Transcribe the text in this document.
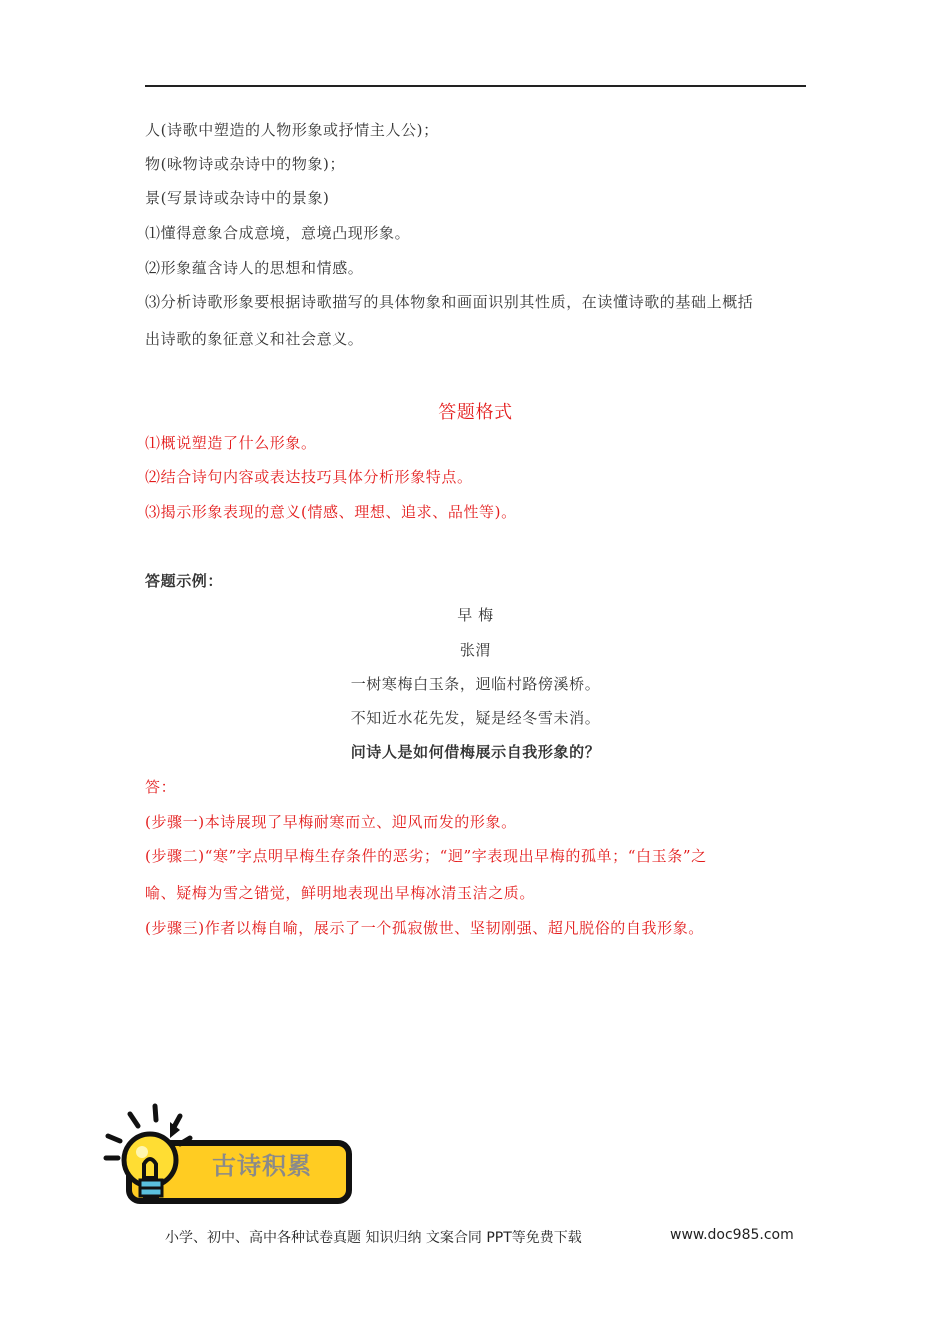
人(诗歌中塑造的人物形象或抒情主人公)；
物(咏物诗或杂诗中的物象)；
景(写景诗或杂诗中的景象)
⑴懂得意象合成意境，意境凸现形象。
⑵形象蕴含诗人的思想和情感。
⑶分析诗歌形象要根据诗歌描写的具体物象和画面识别其性质，在读懂诗歌的基础上概括
出诗歌的象征意义和社会意义。
答题格式
⑴概说塑造了什么形象。
⑵结合诗句内容或表达技巧具体分析形象特点。
⑶揭示形象表现的意义(情感、理想、追求、品性等)。
答题示例：
早 梅
张渭
一树寒梅白玉条，迥临村路傍溪桥。
不知近水花先发，疑是经冬雪未消。
问诗人是如何借梅展示自我形象的？
答：
(步骤一)本诗展现了早梅耐寒而立、迎风而发的形象。
(步骤二)“寒”字点明早梅生存条件的恶劣；“迥”字表现出早梅的孤单；“白玉条”之
喻、疑梅为雪之错觉，鲜明地表现出早梅冰清玉洁之质。
(步骤三)作者以梅自喻，展示了一个孤寂傲世、坚韧刚强、超凡脱俗的自我形象。
古诗积累
小学、初中、高中各种试卷真题 知识归纳 文案合同 PPT等免费下载	www.doc985.com
